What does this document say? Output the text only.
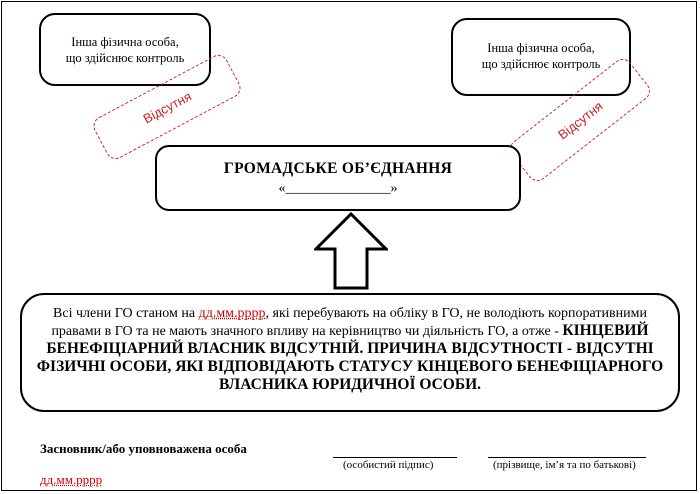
Інша фізична особа,
що здійснює контроль
Інша фізична особа,
що здійснює контроль
Відсутня	Відсутня
ГРОМАДСЬКЕ ОБ’ЄДНАННЯ
«_______________»
Всі члени ГО станом на дд.мм.рррр, які перебувають на обліку в ГО, не володіють корпоративними правами в ГО та не мають значного впливу на керівництво чи діяльність ГО, а отже - КІНЦЕВИЙ БЕНЕФІЦІАРНИЙ ВЛАСНИК ВІДСУТНІЙ. ПРИЧИНА ВІДСУТНОСТІ - ВІДСУТНІ ФІЗИЧНІ ОСОБИ, ЯКІ ВІДПОВІДАЮТЬ СТАТУСУ КІНЦЕВОГО БЕНЕФІЦІАРНОГО ВЛАСНИКА ЮРИДИЧНОЇ ОСОБИ.
Засновник/або уповноважена особа
дд.мм.рррр
(особистий підпис)	(прізвище, ім’я та по батькові)
